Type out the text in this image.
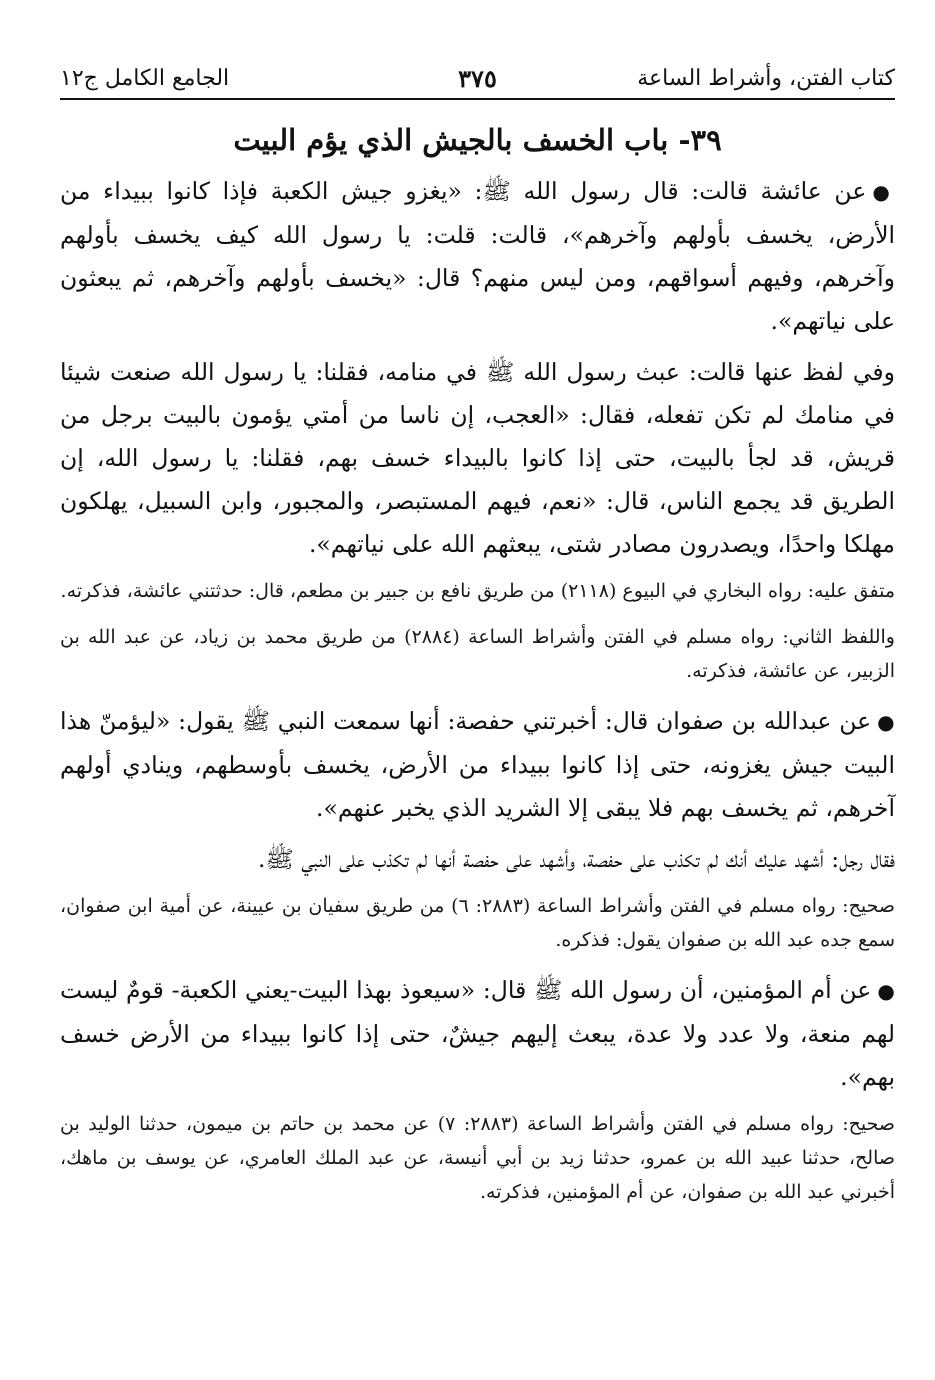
كتاب الفتن، وأشراط الساعة
٣٧٥
الجامع الكامل ج١٢
٣٩- باب الخسف بالجيش الذي يؤم البيت
●عن عائشة قالت: قال رسول الله ﷺ: «يغزو جيش الكعبة فإذا كانوا ببيداء من الأرض، يخسف بأولهم وآخرهم»، قالت: قلت: يا رسول الله كيف يخسف بأولهم وآخرهم، وفيهم أسواقهم، ومن ليس منهم؟ قال: «يخسف بأولهم وآخرهم، ثم يبعثون على نياتهم».
وفي لفظ عنها قالت: عبث رسول الله ﷺ في منامه، فقلنا: يا رسول الله صنعت شيئا في منامك لم تكن تفعله، فقال: «العجب، إن ناسا من أمتي يؤمون بالبيت برجل من قريش، قد لجأ بالبيت، حتى إذا كانوا بالبيداء خسف بهم، فقلنا: يا رسول الله، إن الطريق قد يجمع الناس، قال: «نعم، فيهم المستبصر، والمجبور، وابن السبيل، يهلكون مهلكا واحدًا، ويصدرون مصادر شتى، يبعثهم الله على نياتهم».
متفق عليه: رواه البخاري في البيوع (٢١١٨) من طريق نافع بن جبير بن مطعم، قال: حدثتني عائشة، فذكرته.
واللفظ الثاني: رواه مسلم في الفتن وأشراط الساعة (٢٨٨٤) من طريق محمد بن زياد، عن عبد الله بن الزبير، عن عائشة، فذكرته.
●عن عبدالله بن صفوان قال: أخبرتني حفصة: أنها سمعت النبي ﷺ يقول: «ليؤمنّ هذا البيت جيش يغزونه، حتى إذا كانوا ببيداء من الأرض، يخسف بأوسطهم، وينادي أولهم آخرهم، ثم يخسف بهم فلا يبقى إلا الشريد الذي يخبر عنهم».
فقال رجل: أشهد عليك أنك لم تكذب على حفصة، وأشهد على حفصة أنها لم تكذب على النبي ﷺ.
صحيح: رواه مسلم في الفتن وأشراط الساعة (٢٨٨٣: ٦) من طريق سفيان بن عيينة، عن أمية ابن صفوان، سمع جده عبد الله بن صفوان يقول: فذكره.
●عن أم المؤمنين، أن رسول الله ﷺ قال: «سيعوذ بهذا البيت-يعني الكعبة- قومٌ ليست لهم منعة، ولا عدد ولا عدة، يبعث إليهم جيشٌ، حتى إذا كانوا ببيداء من الأرض خسف بهم».
صحيح: رواه مسلم في الفتن وأشراط الساعة (٢٨٨٣: ٧) عن محمد بن حاتم بن ميمون، حدثنا الوليد بن صالح، حدثنا عبيد الله بن عمرو، حدثنا زيد بن أبي أنيسة، عن عبد الملك العامري، عن يوسف بن ماهك، أخبرني عبد الله بن صفوان، عن أم المؤمنين، فذكرته.
